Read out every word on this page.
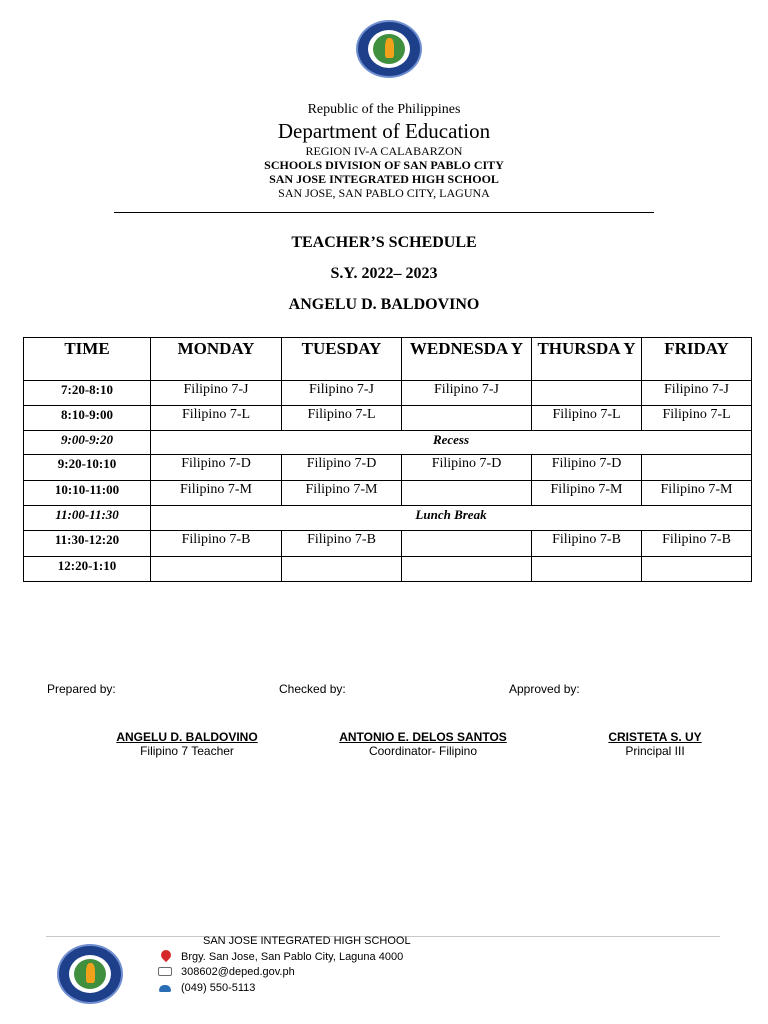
Republic of the Philippines
Department of Education
REGION IV-A CALABARZON
SCHOOLS DIVISION OF SAN PABLO CITY
SAN JOSE INTEGRATED HIGH SCHOOL
SAN JOSE, SAN PABLO CITY, LAGUNA
TEACHER’S SCHEDULE
S.Y. 2022– 2023
ANGELU D. BALDOVINO
TIME	MONDAY	TUESDAY	WEDNESDA Y	THURSDA Y	FRIDAY
7:20-8:10	Filipino 7-J	Filipino 7-J	Filipino 7-J		Filipino 7-J
8:10-9:00	Filipino 7-L	Filipino 7-L		Filipino 7-L	Filipino 7-L
9:00-9:20	Recess				
9:20-10:10	Filipino 7-D	Filipino 7-D	Filipino 7-D	Filipino 7-D	
10:10-11:00	Filipino 7-M	Filipino 7-M		Filipino 7-M	Filipino 7-M
11:00-11:30	Lunch Break				
11:30-12:20	Filipino 7-B	Filipino 7-B		Filipino 7-B	Filipino 7-B
12:20-1:10					
Prepared by:	Checked by:	Approved by:
ANGELU D. BALDOVINO
Filipino 7 Teacher
ANTONIO E. DELOS SANTOS
Coordinator- Filipino
CRISTETA S. UY
Principal III
SAN JOSE INTEGRATED HIGH SCHOOL
Brgy. San Jose, San Pablo City, Laguna 4000
308602@deped.gov.ph
(049) 550-5113
